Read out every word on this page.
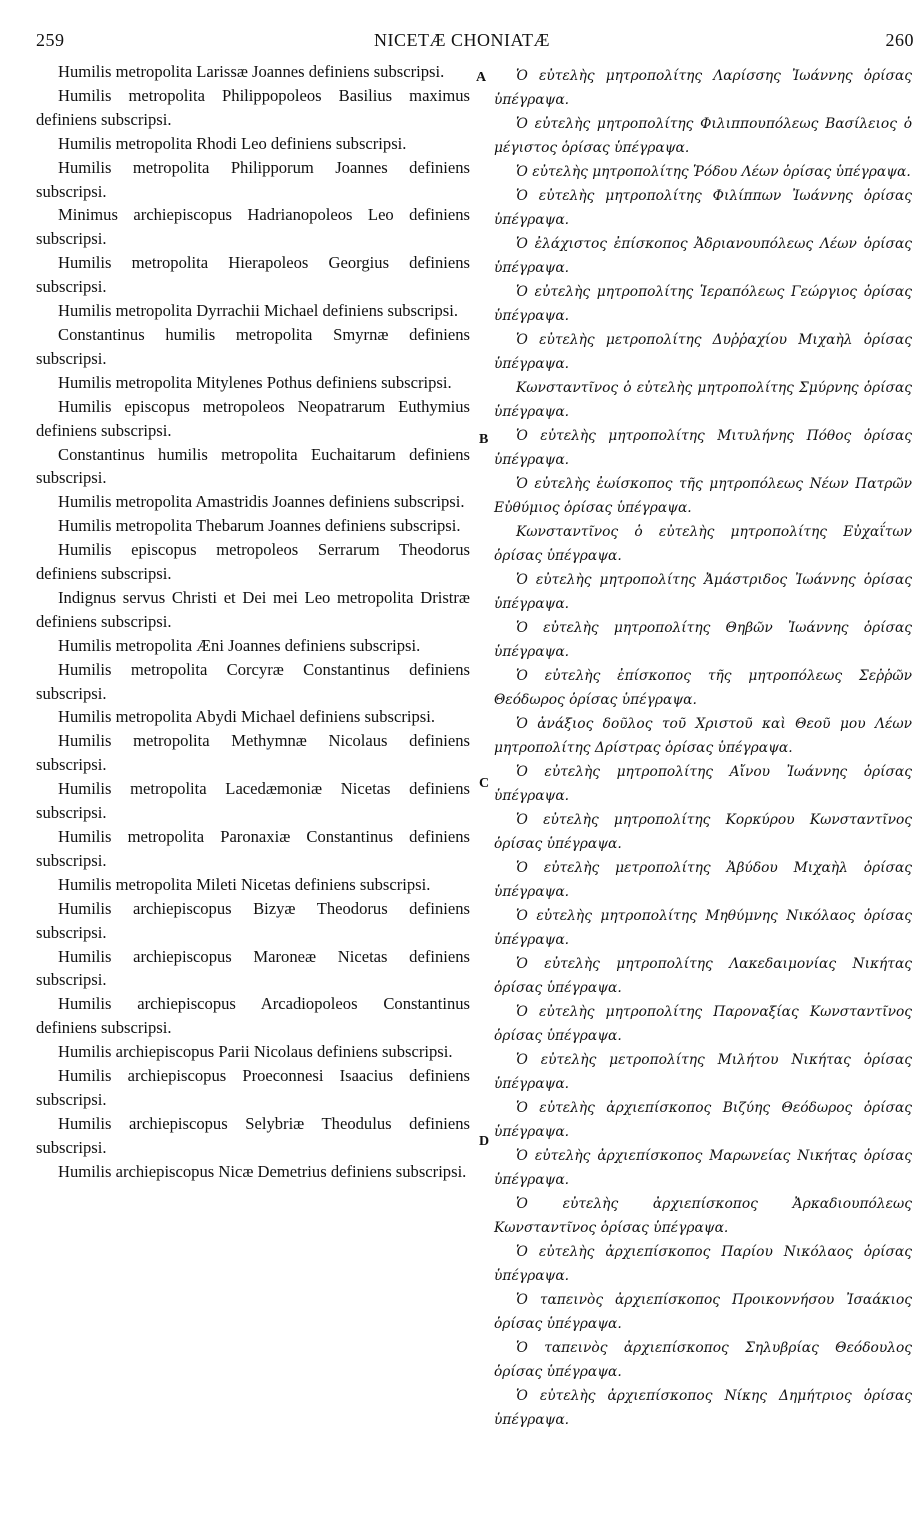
259	NICETÆ CHONIATÆ	260
A
B
C
D

Humilis metropolita Larissæ Joannes definiens subscripsi.

Humilis metropolita Philippopoleos Basilius maximus definiens subscripsi.

Humilis metropolita Rhodi Leo definiens subscripsi.

Humilis metropolita Philipporum Joannes definiens subscripsi.

Minimus archiepiscopus Hadrianopoleos Leo definiens subscripsi.

Humilis metropolita Hierapoleos Georgius definiens subscripsi.

Humilis metropolita Dyrrachii Michael definiens subscripsi.

Constantinus humilis metropolita Smyrnæ definiens subscripsi.

Humilis metropolita Mitylenes Pothus definiens subscripsi.

Humilis episcopus metropoleos Neopatrarum Euthymius definiens subscripsi.

Constantinus humilis metropolita Euchaitarum definiens subscripsi.

Humilis metropolita Amastridis Joannes definiens subscripsi.

Humilis metropolita Thebarum Joannes definiens subscripsi.

Humilis episcopus metropoleos Serrarum Theodorus definiens subscripsi.

Indignus servus Christi et Dei mei Leo metropolita Dristræ definiens subscripsi.

Humilis metropolita Æni Joannes definiens subscripsi.

Humilis metropolita Corcyræ Constantinus definiens subscripsi.

Humilis metropolita Abydi Michael definiens subscripsi.

Humilis metropolita Methymnæ Nicolaus definiens subscripsi.

Humilis metropolita Lacedæmoniæ Nicetas definiens subscripsi.

Humilis metropolita Paronaxiæ Constantinus definiens subscripsi.

Humilis metropolita Mileti Nicetas definiens subscripsi.

Humilis archiepiscopus Bizyæ Theodorus definiens subscripsi.

Humilis archiepiscopus Maroneæ Nicetas definiens subscripsi.

Humilis archiepiscopus Arcadiopoleos Constantinus definiens subscripsi.

Humilis archiepiscopus Parii Nicolaus definiens subscripsi.

Humilis archiepiscopus Proeconnesi Isaacius definiens subscripsi.

Humilis archiepiscopus Selybriæ Theodulus definiens subscripsi.

Humilis archiepiscopus Nicæ Demetrius definiens subscripsi.

Ὁ εὐτελὴς μητροπολίτης Λαρίσσης Ἰωάννης ὁρίσας ὑπέγραψα.

Ὁ εὐτελὴς μητροπολίτης Φιλιππουπόλεως Βασίλειος ὁ μέγιστος ὁρίσας ὑπέγραψα.

Ὁ εὐτελὴς μητροπολίτης Ῥόδου Λέων ὁρίσας ὑπέγραψα.

Ὁ εὐτελὴς μητροπολίτης Φιλίππων Ἰωάννης ὁρίσας ὑπέγραψα.

Ὁ ἐλάχιστος ἐπίσκοπος Ἀδριανουπόλεως Λέων ὁρίσας ὑπέγραψα.

Ὁ εὐτελὴς μητροπολίτης Ἱεραπόλεως Γεώργιος ὁρίσας ὑπέγραψα.

Ὁ εὐτελὴς μετροπολίτης Δυῤῥαχίου Μιχαὴλ ὁρίσας ὑπέγραψα.

Κωνσταντῖνος ὁ εὐτελὴς μητροπολίτης Σμύρνης ὁρίσας ὑπέγραψα.

Ὁ εὐτελὴς μητροπολίτης Μιτυλήνης Πόθος ὁρίσας ὑπέγραψα.

Ὁ εὐτελὴς ἐωίσκοπος τῆς μητροπόλεως Νέων Πατρῶν Εὐθύμιος ὁρίσας ὑπέγραψα.

Κωνσταντῖνος ὁ εὐτελὴς μητροπολίτης Εὐχαΐτων ὁρίσας ὑπέγραψα.

Ὁ εὐτελὴς μητροπολίτης Ἀμάστριδος Ἰωάννης ὁρίσας ὑπέγραψα.

Ὁ εὐτελὴς μητροπολίτης Θηβῶν Ἰωάννης ὁρίσας ὑπέγραψα.

Ὁ εὐτελὴς ἐπίσκοπος τῆς μητροπόλεως Σεῤῥῶν Θεόδωρος ὁρίσας ὑπέγραψα.

Ὁ ἀνάξιος δοῦλος τοῦ Χριστοῦ καὶ Θεοῦ μου Λέων μητροπολίτης Δρίστρας ὁρίσας ὑπέγραψα.

Ὁ εὐτελὴς μητροπολίτης Αἴνου Ἰωάννης ὁρίσας ὑπέγραψα.

Ὁ εὐτελὴς μητροπολίτης Κορκύρου Κωνσταντῖνος ὁρίσας ὑπέγραψα.

Ὁ εὐτελὴς μετροπολίτης Ἀβύδου Μιχαὴλ ὁρίσας ὑπέγραψα.

Ὁ εὐτελὴς μητροπολίτης Μηθύμνης Νικόλαος ὁρίσας ὑπέγραψα.

Ὁ εὐτελὴς μητροπολίτης Λακεδαιμονίας Νικήτας ὁρίσας ὑπέγραψα.

Ὁ εὐτελὴς μητροπολίτης Παροναξίας Κωνσταντῖνος ὁρίσας ὑπέγραψα.

Ὁ εὐτελὴς μετροπολίτης Μιλήτου Νικήτας ὁρίσας ὑπέγραψα.

Ὁ εὐτελὴς ἀρχιεπίσκοπος Βιζύης Θεόδωρος ὁρίσας ὑπέγραψα.

Ὁ εὐτελὴς ἀρχιεπίσκοπος Μαρωνείας Νικήτας ὁρίσας ὑπέγραψα.

Ὁ εὐτελὴς ἀρχιεπίσκοπος Ἀρκαδιουπόλεως Κωνσταντῖνος ὁρίσας ὑπέγραψα.

Ὁ εὐτελὴς ἀρχιεπίσκοπος Παρίου Νικόλαος ὁρίσας ὑπέγραψα.

Ὁ ταπεινὸς ἀρχιεπίσκοπος Προικοννήσου Ἰσαάκιος ὁρίσας ὑπέγραψα.

Ὁ ταπεινὸς ἀρχιεπίσκοπος Σηλυβρίας Θεόδουλος ὁρίσας ὑπέγραψα.

Ὁ εὐτελὴς ἀρχιεπίσκοπος Νίκης Δημήτριος ὁρίσας ὑπέγραψα.
